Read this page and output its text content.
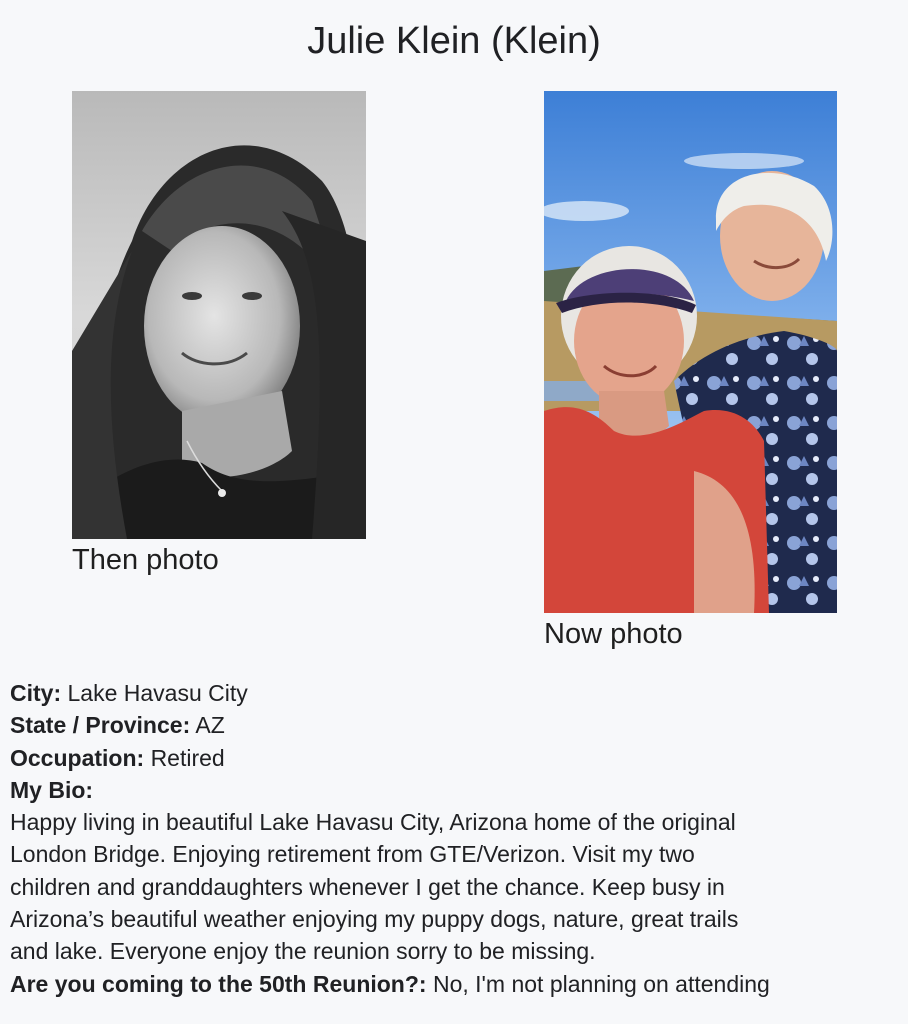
Julie Klein (Klein)
Then photo
Now photo
City: Lake Havasu City
State / Province: AZ
Occupation: Retired
My Bio:
Happy living in beautiful Lake Havasu City, Arizona home of the original
London Bridge. Enjoying retirement from GTE/Verizon. Visit my two
children and granddaughters whenever I get the chance. Keep busy in
Arizona’s beautiful weather enjoying my puppy dogs, nature, great trails
and lake. Everyone enjoy the reunion sorry to be missing.
Are you coming to the 50th Reunion?: No, I'm not planning on attending
